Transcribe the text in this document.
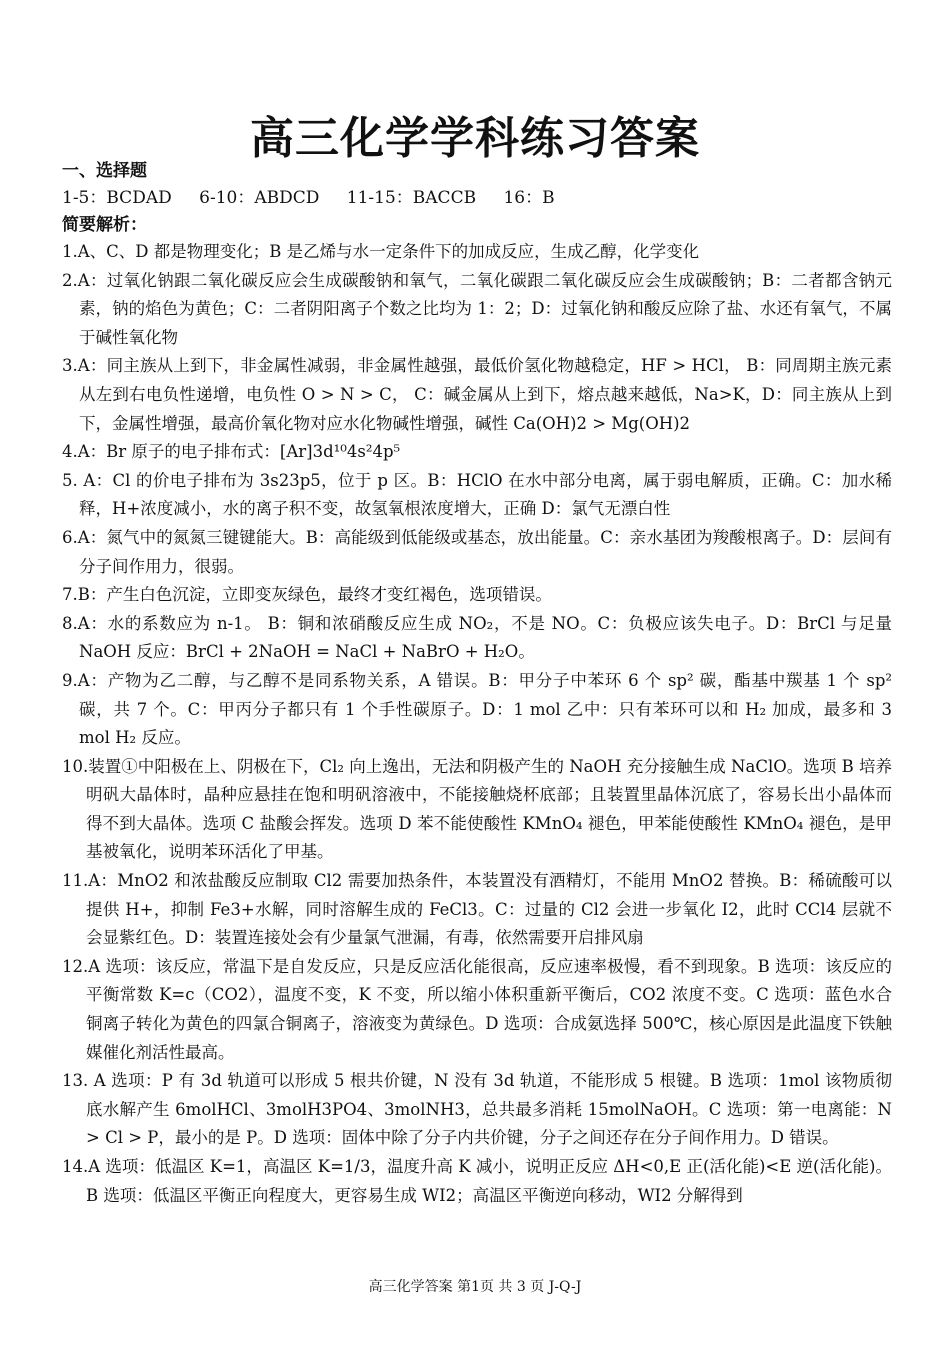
高三化学学科练习答案
一、选择题
1-5：BCDAD 6-10：ABDCD 11-15：BACCB 16：B
简要解析：
1.A、C、D 都是物理变化；B 是乙烯与水一定条件下的加成反应，生成乙醇，化学变化
2.A：过氧化钠跟二氧化碳反应会生成碳酸钠和氧气，二氧化碳跟二氧化碳反应会生成碳酸钠；B：二者都含钠元素，钠的焰色为黄色；C：二者阴阳离子个数之比均为 1：2；D：过氧化钠和酸反应除了盐、水还有氧气，不属于碱性氧化物
3.A：同主族从上到下，非金属性减弱，非金属性越强，最低价氢化物越稳定，HF > HCl， B：同周期主族元素从左到右电负性递增，电负性 O > N > C， C：碱金属从上到下，熔点越来越低，Na>K，D：同主族从上到下，金属性增强，最高价氧化物对应水化物碱性增强，碱性 Ca(OH)2 > Mg(OH)2
4.A：Br 原子的电子排布式：[Ar]3d¹⁰4s²4p⁵
5. A：Cl 的价电子排布为 3s23p5，位于 p 区。B：HClO 在水中部分电离，属于弱电解质，正确。C：加水稀释，H+浓度减小，水的离子积不变，故氢氧根浓度增大，正确 D：氯气无漂白性
6.A：氮气中的氮氮三键键能大。B：高能级到低能级或基态，放出能量。C：亲水基团为羧酸根离子。D：层间有分子间作用力，很弱。
7.B：产生白色沉淀，立即变灰绿色，最终才变红褐色，选项错误。
8.A：水的系数应为 n-1。 B：铜和浓硝酸反应生成 NO₂，不是 NO。C：负极应该失电子。D：BrCl 与足量 NaOH 反应：BrCl + 2NaOH = NaCl + NaBrO + H₂O。
9.A：产物为乙二醇，与乙醇不是同系物关系，A 错误。B：甲分子中苯环 6 个 sp² 碳，酯基中羰基 1 个 sp² 碳，共 7 个。C：甲丙分子都只有 1 个手性碳原子。D：1 mol 乙中：只有苯环可以和 H₂ 加成，最多和 3 mol H₂ 反应。
10.装置①中阳极在上、阴极在下，Cl₂ 向上逸出，无法和阴极产生的 NaOH 充分接触生成 NaClO。选项 B 培养明矾大晶体时，晶种应悬挂在饱和明矾溶液中，不能接触烧杯底部；且装置里晶体沉底了，容易长出小晶体而得不到大晶体。选项 C 盐酸会挥发。选项 D 苯不能使酸性 KMnO₄ 褪色，甲苯能使酸性 KMnO₄ 褪色，是甲基被氧化，说明苯环活化了甲基。
11.A：MnO2 和浓盐酸反应制取 Cl2 需要加热条件，本装置没有酒精灯，不能用 MnO2 替换。B：稀硫酸可以提供 H+，抑制 Fe3+水解，同时溶解生成的 FeCl3。C：过量的 Cl2 会进一步氧化 I2，此时 CCl4 层就不会显紫红色。D：装置连接处会有少量氯气泄漏，有毒，依然需要开启排风扇
12.A 选项：该反应，常温下是自发反应，只是反应活化能很高，反应速率极慢，看不到现象。B 选项：该反应的平衡常数 K=c（CO2），温度不变，K 不变，所以缩小体积重新平衡后，CO2 浓度不变。C 选项：蓝色水合铜离子转化为黄色的四氯合铜离子，溶液变为黄绿色。D 选项：合成氨选择 500℃，核心原因是此温度下铁触媒催化剂活性最高。
13. A 选项：P 有 3d 轨道可以形成 5 根共价键，N 没有 3d 轨道，不能形成 5 根键。B 选项：1mol 该物质彻底水解产生 6molHCl、3molH3PO4、3molNH3，总共最多消耗 15molNaOH。C 选项：第一电离能：N > Cl > P，最小的是 P。D 选项：固体中除了分子内共价键，分子之间还存在分子间作用力。D 错误。
14.A 选项：低温区 K=1，高温区 K=1/3，温度升高 K 减小，说明正反应 ΔH<0,E 正(活化能)<E 逆(活化能)。B 选项：低温区平衡正向程度大，更容易生成 WI2；高温区平衡逆向移动，WI2 分解得到
高三化学答案 第1页 共 3 页 J-Q-J
